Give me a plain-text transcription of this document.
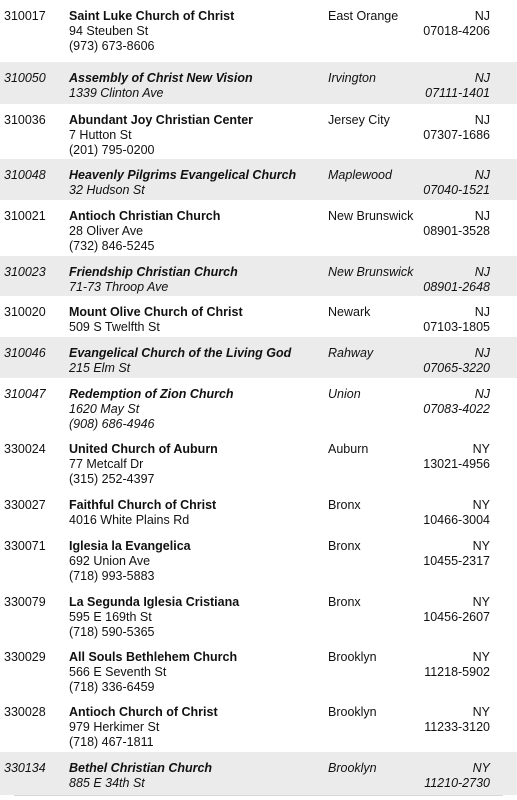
310017 Saint Luke Church of Christ
94 Steuben St
(973) 673-8606
East Orange	NJ
07018-4206
310050 Assembly of Christ New Vision
1339 Clinton Ave
Irvington	NJ
07111-1401
310036 Abundant Joy Christian Center
7 Hutton St
(201) 795-0200
Jersey City	NJ
07307-1686
310048 Heavenly Pilgrims Evangelical Church
32 Hudson St
Maplewood	NJ
07040-1521
310021 Antioch Christian Church
28 Oliver Ave
(732) 846-5245
New Brunswick	NJ
08901-3528
310023 Friendship Christian Church
71-73 Throop Ave
New Brunswick	NJ
08901-2648
310020 Mount Olive Church of Christ
509 S Twelfth St
Newark	NJ
07103-1805
310046 Evangelical Church of the Living God
215 Elm St
Rahway	NJ
07065-3220
310047 Redemption of Zion Church
1620 May St
(908) 686-4946
Union	NJ
07083-4022
330024 United Church of Auburn
77 Metcalf Dr
(315) 252-4397
Auburn	NY
13021-4956
330027 Faithful Church of Christ
4016 White Plains Rd
Bronx	NY
10466-3004
330071 Iglesia la Evangelica
692 Union Ave
(718) 993-5883
Bronx	NY
10455-2317
330079 La Segunda Iglesia Cristiana
595 E 169th St
(718) 590-5365
Bronx	NY
10456-2607
330029 All Souls Bethlehem Church
566 E Seventh St
(718) 336-6459
Brooklyn	NY
11218-5902
330028 Antioch Church of Christ
979 Herkimer St
(718) 467-1811
Brooklyn	NY
11233-3120
330134 Bethel Christian Church
885 E 34th St
Brooklyn	NY
11210-2730
